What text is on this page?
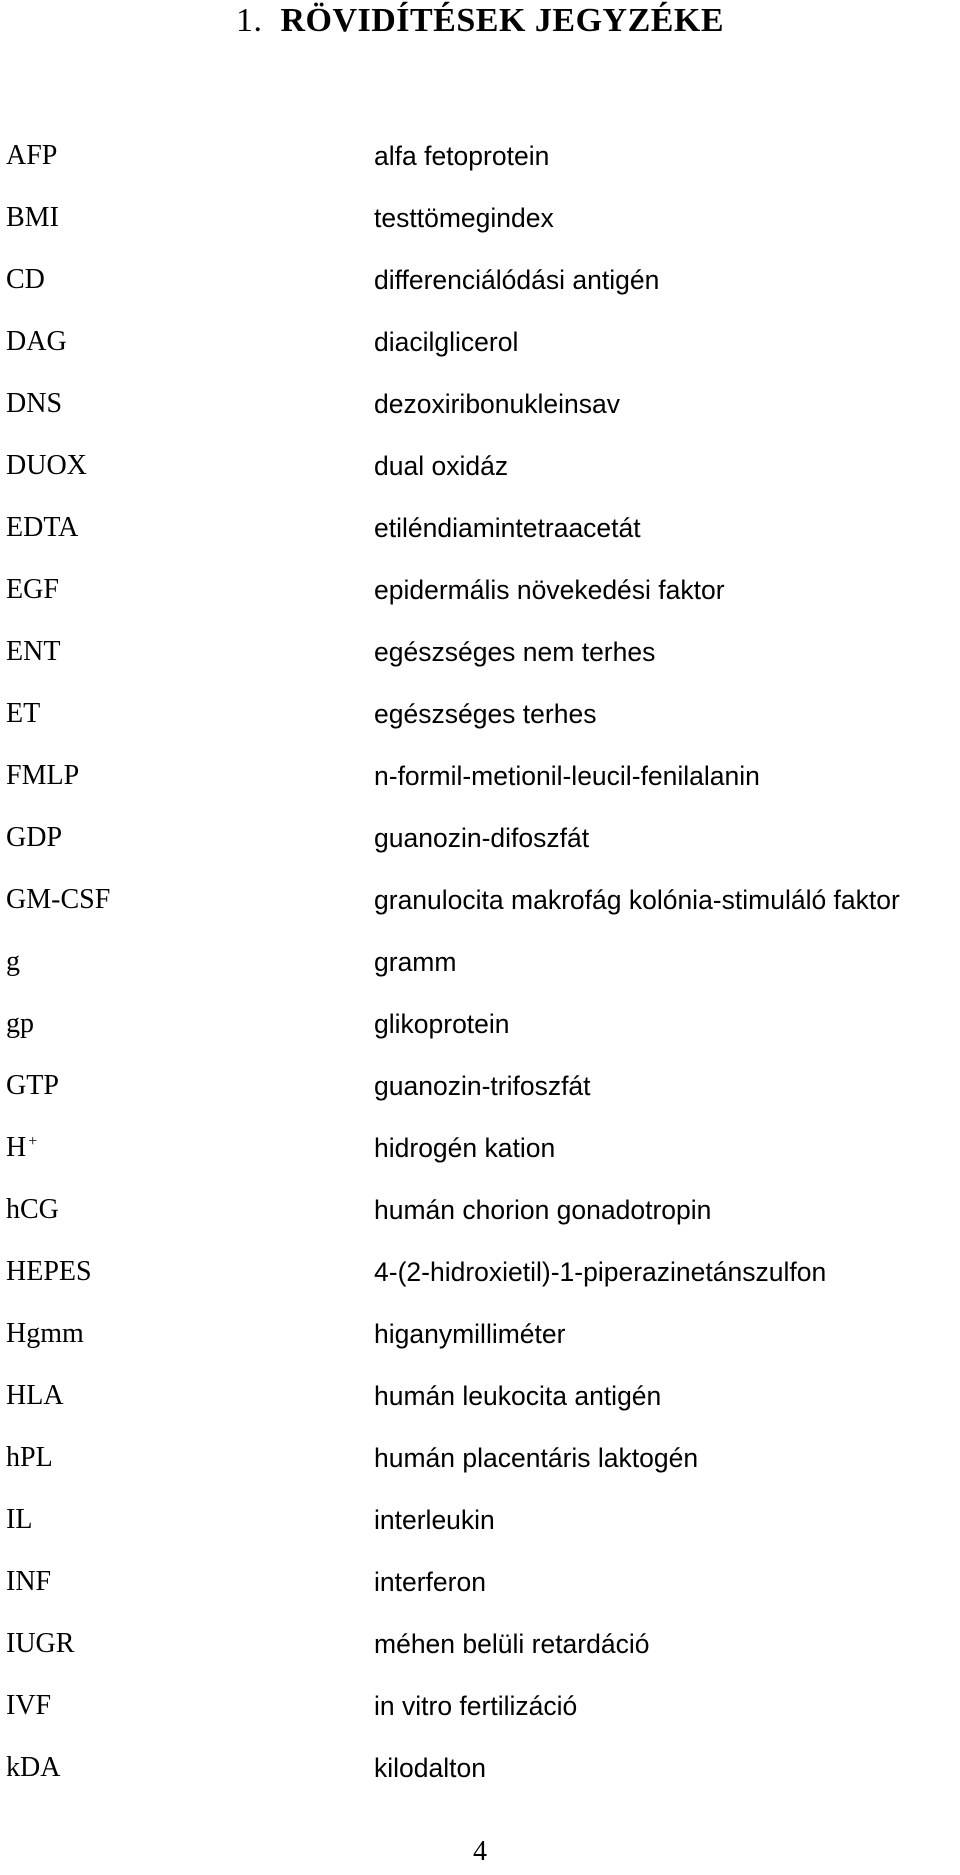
1. RÖVIDÍTÉSEK JEGYZÉKE
AFP	alfa fetoprotein
BMI	testtömegindex
CD	differenciálódási antigén
DAG	diacilglicerol
DNS	dezoxiribonukleinsav
DUOX	dual oxidáz
EDTA	etiléndiamintetraacetát
EGF	epidermális növekedési faktor
ENT	egészséges nem terhes
ET	egészséges terhes
FMLP	n-formil-metionil-leucil-fenilalanin
GDP	guanozin-difoszfát
GM-CSF	granulocita makrofág kolónia-stimuláló faktor
g	gramm
gp	glikoprotein
GTP	guanozin-trifoszfát
H +	hidrogén kation
hCG	humán chorion gonadotropin
HEPES	4-(2-hidroxietil)-1-piperazinetánszulfon
Hgmm	higanymilliméter
HLA	humán leukocita antigén
hPL	humán placentáris laktogén
IL	interleukin
INF	interferon
IUGR	méhen belüli retardáció
IVF	in vitro fertilizáció
kDA	kilodalton
4
